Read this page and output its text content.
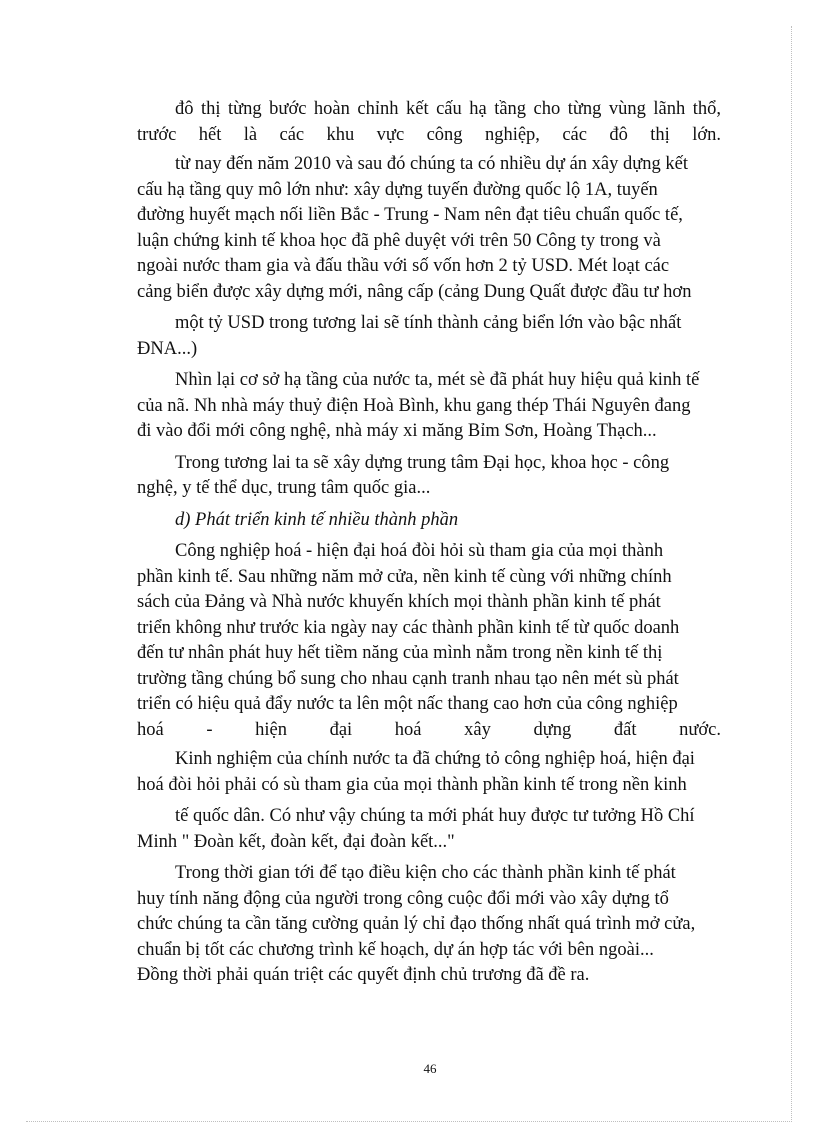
đô thị từng bước hoàn chỉnh kết cấu hạ tầng cho từng vùng lãnh thổ,
trước hết là các khu vực công nghiệp, các đô thị lớn.
từ nay đến năm 2010 và sau đó chúng ta có nhiều dự án xây dựng kết
cấu hạ tầng quy mô lớn như: xây dựng tuyến đường quốc lộ 1A, tuyến
đường huyết mạch nối liền Bắc - Trung - Nam nên đạt tiêu chuẩn quốc tế,
luận chứng kinh tế khoa học đã phê duyệt với trên 50 Công ty trong và
ngoài nước tham gia và đấu thầu với số vốn hơn 2 tỷ USD. Mét loạt các
cảng biển được xây dựng mới, nâng cấp (cảng Dung Quất được đầu tư hơn
một tỷ USD trong tương lai sẽ tính thành cảng biển lớn vào bậc nhất
ĐNA...)
Nhìn lại cơ sở hạ tầng của nước ta, mét sè đã phát huy hiệu quả kinh tế
của nã. Nh nhà máy thuỷ điện Hoà Bình, khu gang thép Thái Nguyên đang
đi vào đổi mới công nghệ, nhà máy xi măng Bỉm Sơn, Hoàng Thạch...
Trong tương lai ta sẽ xây dựng trung tâm Đại học, khoa học - công
nghệ, y tế thể dục, trung tâm quốc gia...
d) Phát triển kinh tế nhiều thành phần
Công nghiệp hoá - hiện đại hoá đòi hỏi sù tham gia của mọi thành
phần kinh tế. Sau những năm mở cửa, nền kinh tế cùng với những chính
sách của Đảng và Nhà nước khuyến khích mọi thành phần kinh tế phát
triển không như trước kia ngày nay các thành phần kinh tế từ quốc doanh
đến tư nhân phát huy hết tiềm năng của mình nằm trong nền kinh tế thị
trường tầng chúng bổ sung cho nhau cạnh tranh nhau tạo nên mét sù phát
triển có hiệu quả đẩy nước ta lên một nấc thang cao hơn của công nghiệp
hoá - hiện đại hoá xây dựng đất nước.
Kinh nghiệm của chính nước ta đã chứng tỏ công nghiệp hoá, hiện đại
hoá đòi hỏi phải có sù tham gia của mọi thành phần kinh tế trong nền kinh
tế quốc dân. Có như vậy chúng ta mới phát huy được tư tưởng Hồ Chí
Minh " Đoàn kết, đoàn kết, đại đoàn kết..."
Trong thời gian tới để tạo điều kiện cho các thành phần kinh tế phát
huy tính năng động của người trong công cuộc đổi mới vào xây dựng tổ
chức chúng ta cần tăng cường quản lý chỉ đạo thống nhất quá trình mở cửa,
chuẩn bị tốt các chương trình kế hoạch, dự án hợp tác với bên ngoài...
Đồng thời phải quán triệt các quyết định chủ trương đã đề ra.
46
